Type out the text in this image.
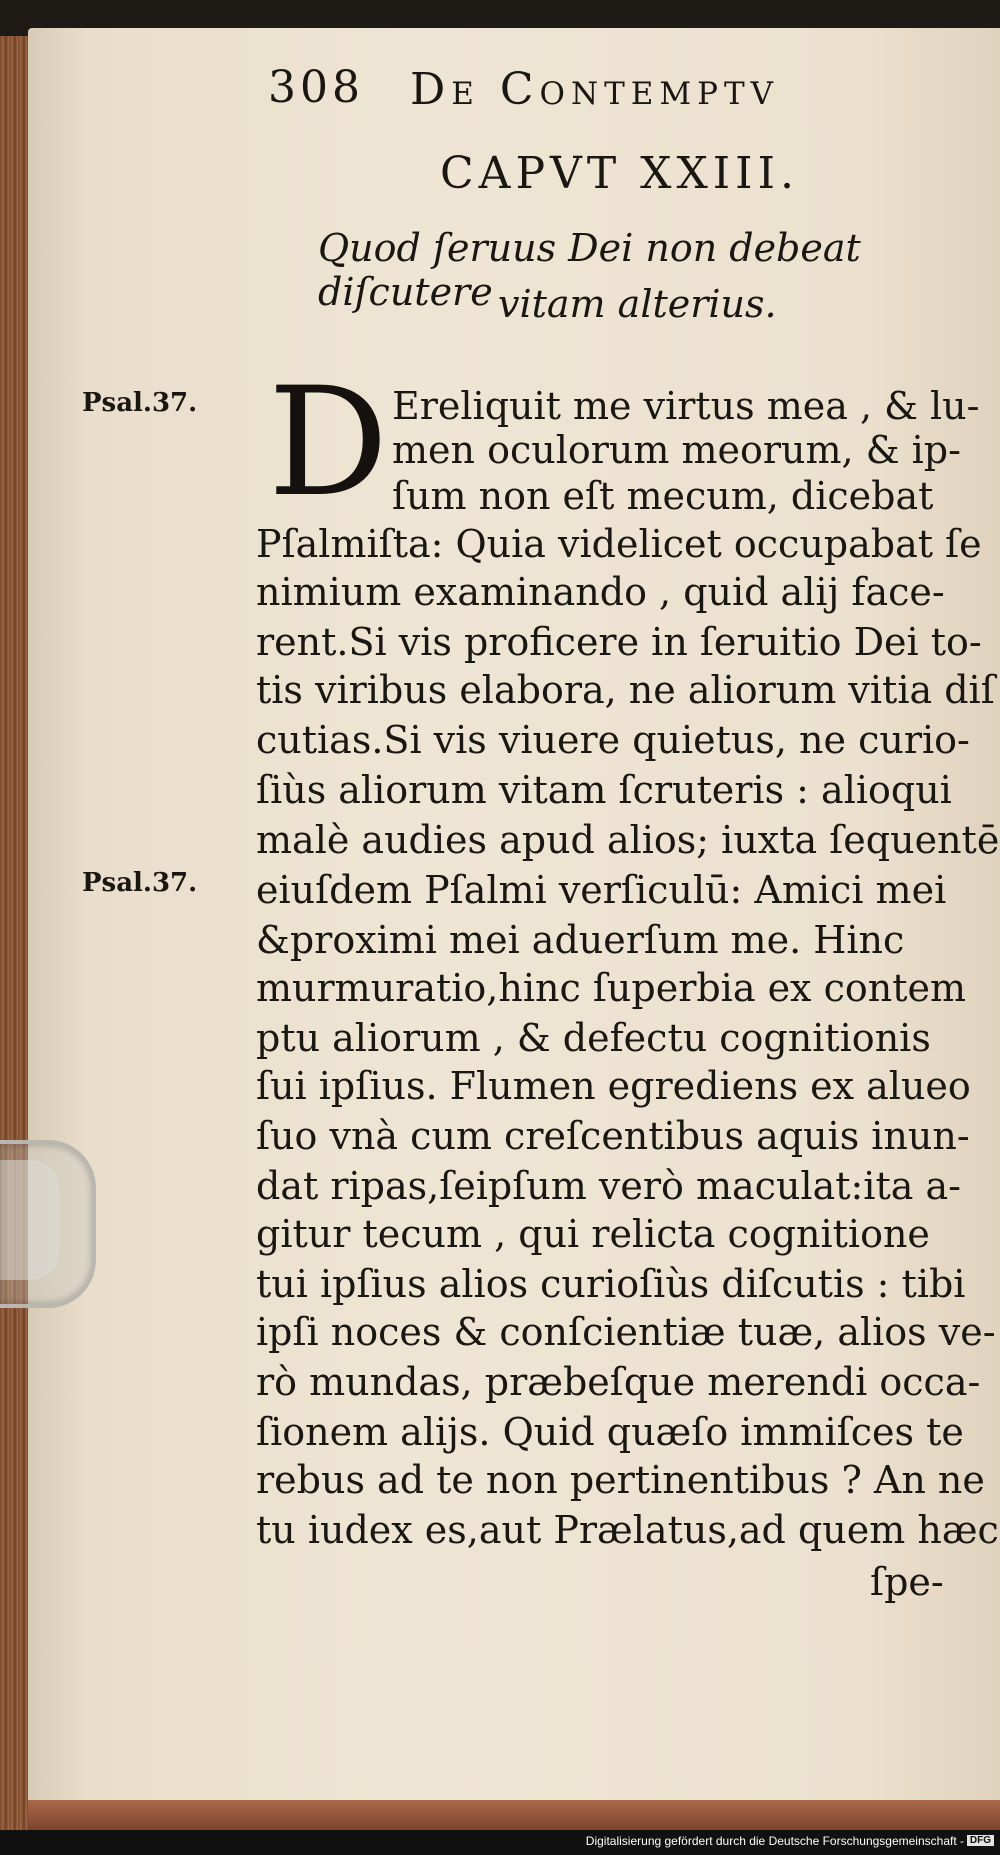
308 De Contemptv
CAPVT XXIII.
Quod ſeruus Dei non debeat diſcutere vitam alterius.
Psal.37.
Psal.37.
D Ereliquit me virtus mea , & lu-
men oculorum meorum, & ip-
ſum non eſt mecum, dicebat
Pſalmiſta: Quia videlicet occupabat ſe
nimium examinando , quid alij face-
rent.Si vis proficere in ſeruitio Dei to-
tis viribus elabora, ne aliorum vitia diſ
cutias.Si vis viuere quietus, ne curio-
ſiùs aliorum vitam ſcruteris : alioqui
malè audies apud alios; iuxta ſequentē
eiuſdem Pſalmi verſiculū: Amici mei
&proximi mei aduerſum me. Hinc
murmuratio,hinc ſuperbia ex contem
ptu aliorum , & defectu cognitionis
ſui ipſius. Flumen egrediens ex alueo
ſuo vnà cum creſcentibus aquis inun-
dat ripas,ſeipſum verò maculat:ita a-
gitur tecum , qui relicta cognitione
tui ipſius alios curioſiùs diſcutis : tibi
ipſi noces & conſcientiæ tuæ, alios ve-
rò mundas, præbeſque merendi occa-
ſionem alijs. Quid quæſo immiſces te
rebus ad te non pertinentibus ? An ne
tu iudex es,aut Prælatus,ad quem hæc
ſpe-
Digitalisierung gefördert durch die Deutsche Forschungsgemeinschaft - DFG
